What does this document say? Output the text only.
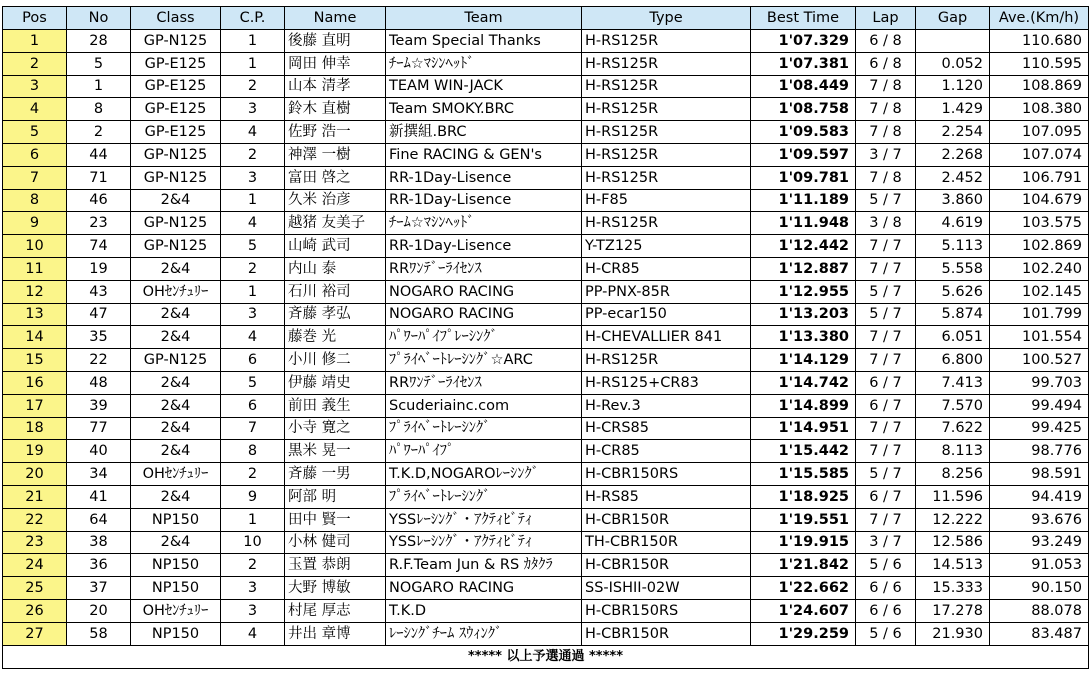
Pos	No	Class	C.P.	Name	Team	Type	Best Time	Lap	Gap	Ave.(Km/h)
1	28	GP-N125	1	後藤 直明	Team Special Thanks	H-RS125R	1'07.329	6 / 8		110.680
2	5	GP-E125	1	岡田 伸幸	ﾁｰﾑ☆ﾏｼﾝﾍｯﾄﾞ	H-RS125R	1'07.381	6 / 8	0.052	110.595
3	1	GP-E125	2	山本 清孝	TEAM WIN-JACK	H-RS125R	1'08.449	7 / 8	1.120	108.869
4	8	GP-E125	3	鈴木 直樹	Team SMOKY.BRC	H-RS125R	1'08.758	7 / 8	1.429	108.380
5	2	GP-E125	4	佐野 浩一	新撰組.BRC	H-RS125R	1'09.583	7 / 8	2.254	107.095
6	44	GP-N125	2	神澤 一樹	Fine RACING & GEN's	H-RS125R	1'09.597	3 / 7	2.268	107.074
7	71	GP-N125	3	富田 啓之	RR-1Day-Lisence	H-RS125R	1'09.781	7 / 8	2.452	106.791
8	46	2&4	1	久米 治彦	RR-1Day-Lisence	H-F85	1'11.189	5 / 7	3.860	104.679
9	23	GP-N125	4	越猪 友美子	ﾁｰﾑ☆ﾏｼﾝﾍｯﾄﾞ	H-RS125R	1'11.948	3 / 8	4.619	103.575
10	74	GP-N125	5	山崎 武司	RR-1Day-Lisence	Y-TZ125	1'12.442	7 / 7	5.113	102.869
11	19	2&4	2	内山 泰	RRﾜﾝﾃﾞｰﾗｲｾﾝｽ	H-CR85	1'12.887	7 / 7	5.558	102.240
12	43	OHｾﾝﾁｭﾘｰ	1	石川 裕司	NOGARO RACING	PP-PNX-85R	1'12.955	5 / 7	5.626	102.145
13	47	2&4	3	斉藤 孝弘	NOGARO RACING	PP-ecar150	1'13.203	5 / 7	5.874	101.799
14	35	2&4	4	藤巻 光	ﾊﾟﾜｰﾊﾟｲﾌﾟﾚｰｼﾝｸﾞ	H-CHEVALLIER 841	1'13.380	7 / 7	6.051	101.554
15	22	GP-N125	6	小川 修二	ﾌﾟﾗｲﾍﾞｰﾄﾚｰｼﾝｸﾞ☆ARC	H-RS125R	1'14.129	7 / 7	6.800	100.527
16	48	2&4	5	伊藤 靖史	RRﾜﾝﾃﾞｰﾗｲｾﾝｽ	H-RS125+CR83	1'14.742	6 / 7	7.413	99.703
17	39	2&4	6	前田 義生	Scuderiainc.com	H-Rev.3	1'14.899	6 / 7	7.570	99.494
18	77	2&4	7	小寺 寛之	ﾌﾟﾗｲﾍﾞｰﾄﾚｰｼﾝｸﾞ	H-CRS85	1'14.951	7 / 7	7.622	99.425
19	40	2&4	8	黒米 晃一	ﾊﾟﾜｰﾊﾟｲﾌﾟ	H-CR85	1'15.442	7 / 7	8.113	98.776
20	34	OHｾﾝﾁｭﾘｰ	2	斉藤 一男	T.K.D,NOGAROﾚｰｼﾝｸﾞ	H-CBR150RS	1'15.585	5 / 7	8.256	98.591
21	41	2&4	9	阿部 明	ﾌﾟﾗｲﾍﾞｰﾄﾚｰｼﾝｸﾞ	H-RS85	1'18.925	6 / 7	11.596	94.419
22	64	NP150	1	田中 賢一	YSSﾚｰｼﾝｸﾞ・ｱｸﾃｨﾋﾞﾃｨ	H-CBR150R	1'19.551	7 / 7	12.222	93.676
23	38	2&4	10	小林 健司	YSSﾚｰｼﾝｸﾞ・ｱｸﾃｨﾋﾞﾃｨ	TH-CBR150R	1'19.915	3 / 7	12.586	93.249
24	36	NP150	2	玉置 恭朗	R.F.Team Jun & RS ｶﾀｸﾗ	H-CBR150R	1'21.842	5 / 6	14.513	91.053
25	37	NP150	3	大野 博敏	NOGARO RACING	SS-ISHII-02W	1'22.662	6 / 6	15.333	90.150
26	20	OHｾﾝﾁｭﾘｰ	3	村尾 厚志	T.K.D	H-CBR150RS	1'24.607	6 / 6	17.278	88.078
27	58	NP150	4	井出 章博	ﾚｰｼﾝｸﾞﾁｰﾑ ｽｳｨﾝｸﾞ	H-CBR150R	1'29.259	5 / 6	21.930	83.487
***** 以上予選通過 *****										
